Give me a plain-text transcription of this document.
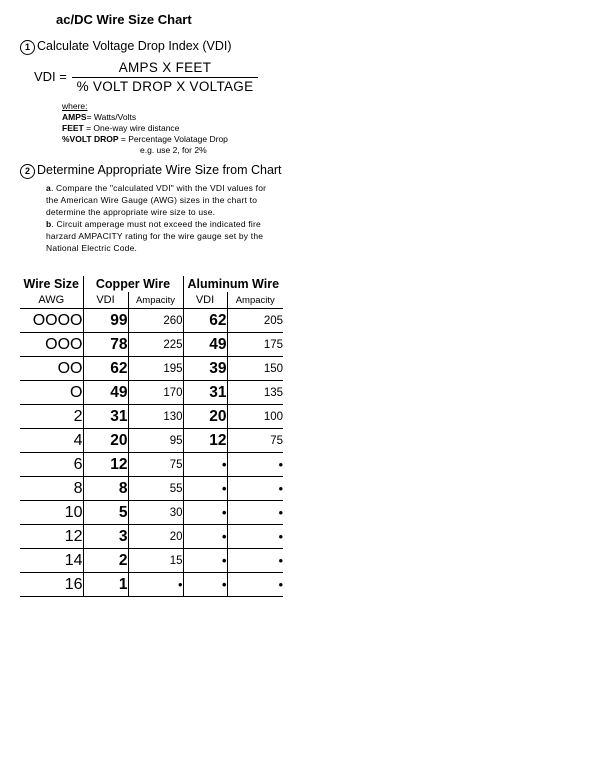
ac/DC Wire Size Chart
1 Calculate Voltage Drop Index (VDI)
VDI =
AMPS X FEET
% VOLT DROP X VOLTAGE
where:
AMPS= Watts/Volts
FEET = One-way wire distance
%VOLT DROP = Percentage Volatage Drop
e.g. use 2, for 2%
2 Determine Appropriate Wire Size from Chart

a. Compare the "calculated VDI" with the VDI values for the American Wire Gauge (AWG) sizes in the chart to determine the appropriate wire size to use.

b. Circuit amperage must not exceed the indicated fire harzard AMPACITY rating for the wire gauge set by the National Electric Code.

Wire Size	Copper Wire		Aluminum Wire	
AWG	VDI	Ampacity	VDI	Ampacity
OOOO	99	260	62	205
OOO	78	225	49	175
OO	62	195	39	150
O	49	170	31	135
2	31	130	20	100
4	20	95	12	75
6	12	75	•	•
8	8	55	•	•
10	5	30	•	•
12	3	20	•	•
14	2	15	•	•
16	1	•	•	•
